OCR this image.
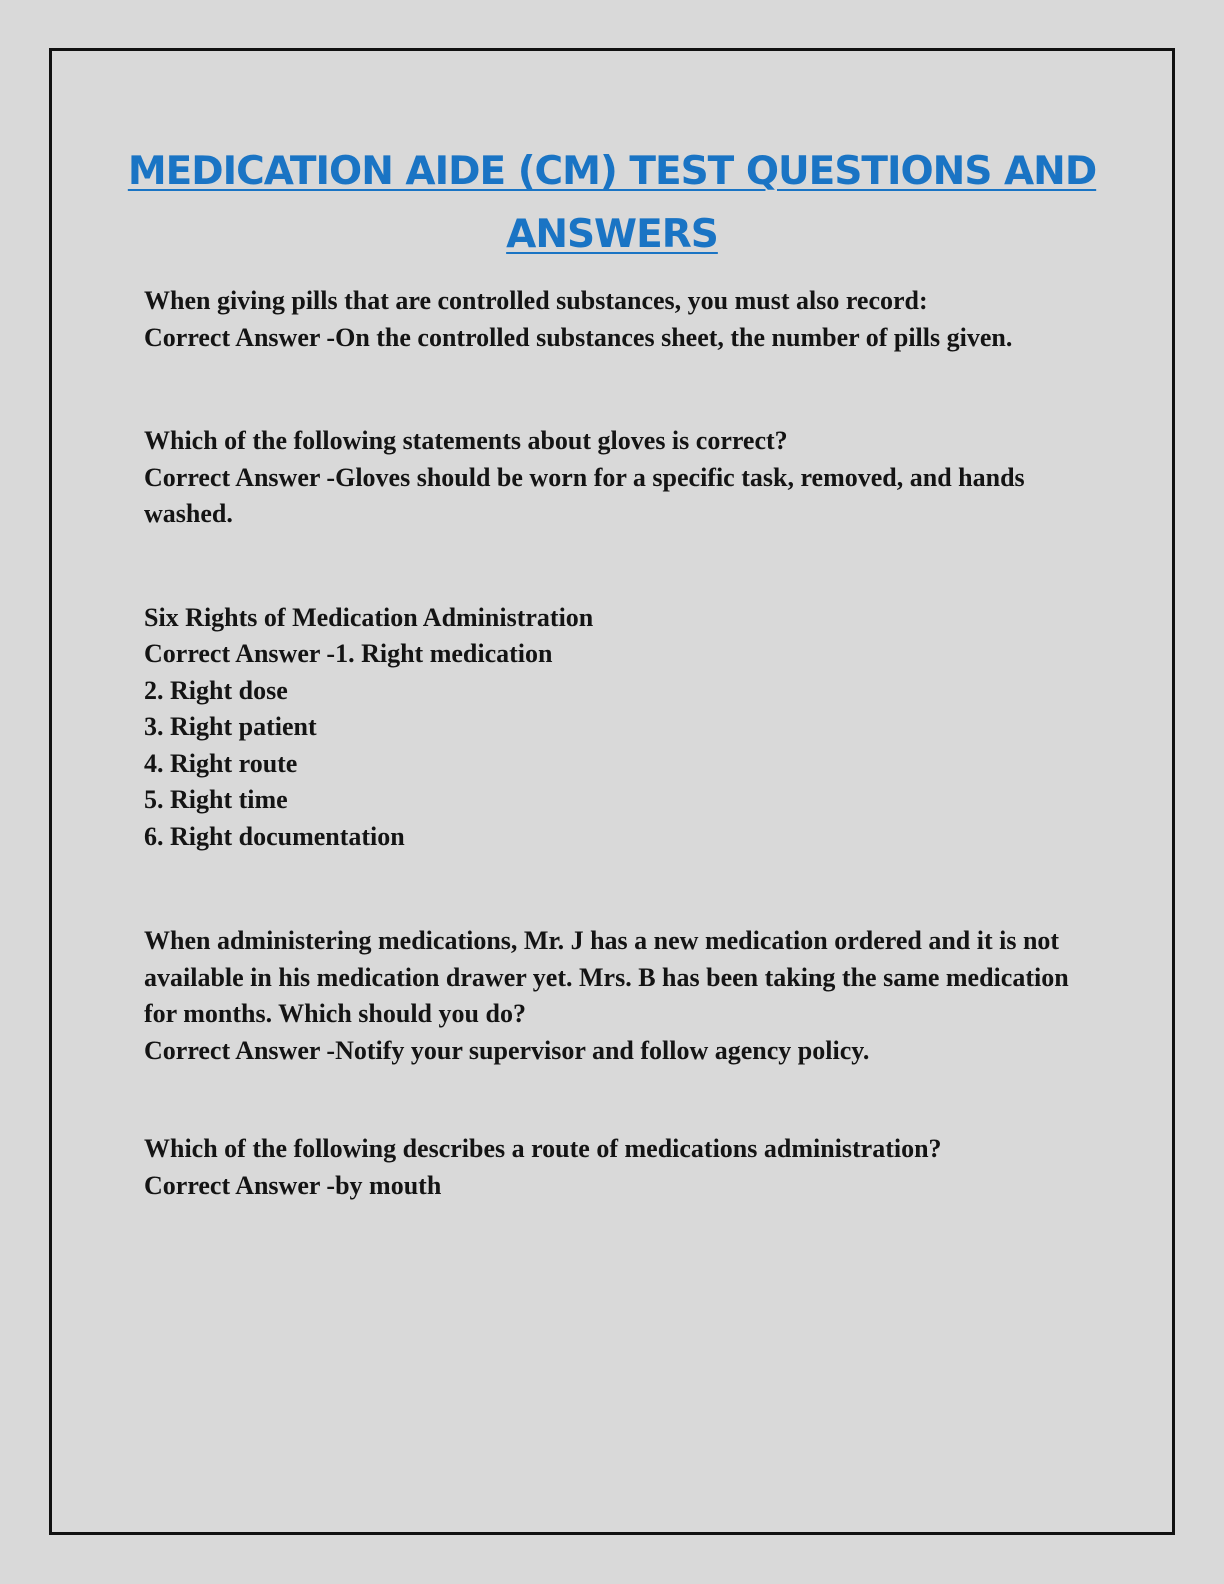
MEDICATION AIDE (CM) TEST QUESTIONS AND ANSWERS

When giving pills that are controlled substances, you must also record:

Correct Answer -On the controlled substances sheet, the number of pills given.

Which of the following statements about gloves is correct?

Correct Answer -Gloves should be worn for a specific task, removed, and hands washed.

Six Rights of Medication Administration

Correct Answer -1. Right medication

2. Right dose

3. Right patient

4. Right route

5. Right time

6. Right documentation

When administering medications, Mr. J has a new medication ordered and it is not available in his medication drawer yet. Mrs. B has been taking the same medication for months. Which should you do?

Correct Answer -Notify your supervisor and follow agency policy.

Which of the following describes a route of medications administration?

Correct Answer -by mouth
